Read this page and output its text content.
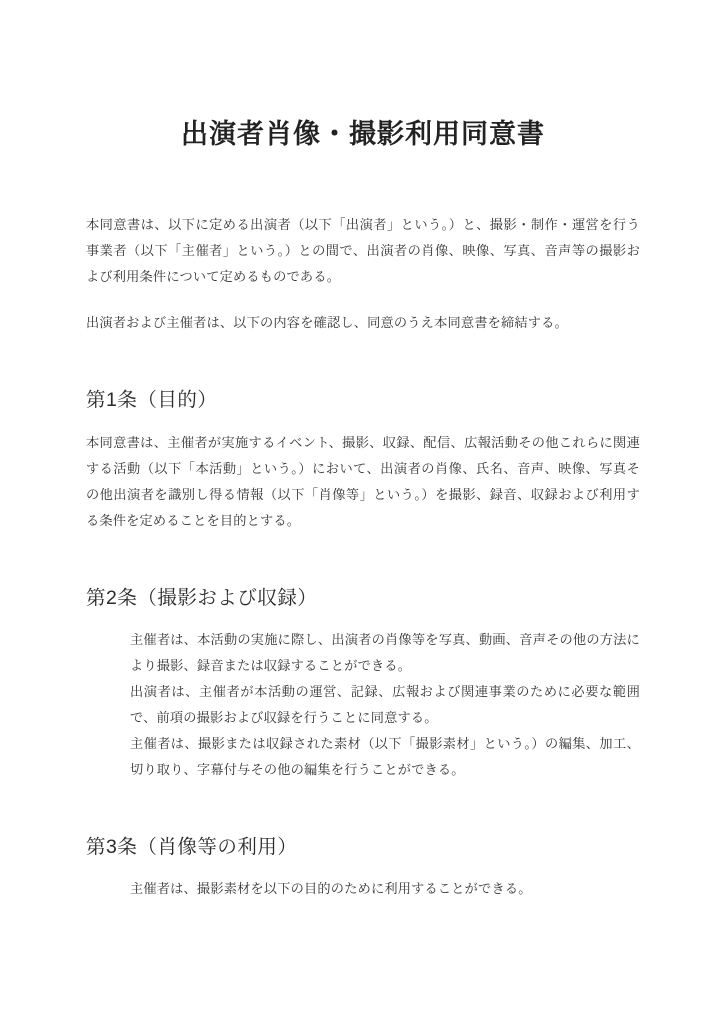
出演者肖像・撮影利用同意書

本同意書は、以下に定める出演者（以下「出演者」という。）と、撮影・制作・運営を行う事業者（以下「主催者」という。）との間で、出演者の肖像、映像、写真、音声等の撮影および利用条件について定めるものである。

出演者および主催者は、以下の内容を確認し、同意のうえ本同意書を締結する。

第1条（目的）

本同意書は、主催者が実施するイベント、撮影、収録、配信、広報活動その他これらに関連する活動（以下「本活動」という。）において、出演者の肖像、氏名、音声、映像、写真その他出演者を識別し得る情報（以下「肖像等」という。）を撮影、録音、収録および利用する条件を定めることを目的とする。

第2条（撮影および収録）

主催者は、本活動の実施に際し、出演者の肖像等を写真、動画、音声その他の方法により撮影、録音または収録することができる。

出演者は、主催者が本活動の運営、記録、広報および関連事業のために必要な範囲で、前項の撮影および収録を行うことに同意する。

主催者は、撮影または収録された素材（以下「撮影素材」という。）の編集、加工、切り取り、字幕付与その他の編集を行うことができる。

第3条（肖像等の利用）

主催者は、撮影素材を以下の目的のために利用することができる。
